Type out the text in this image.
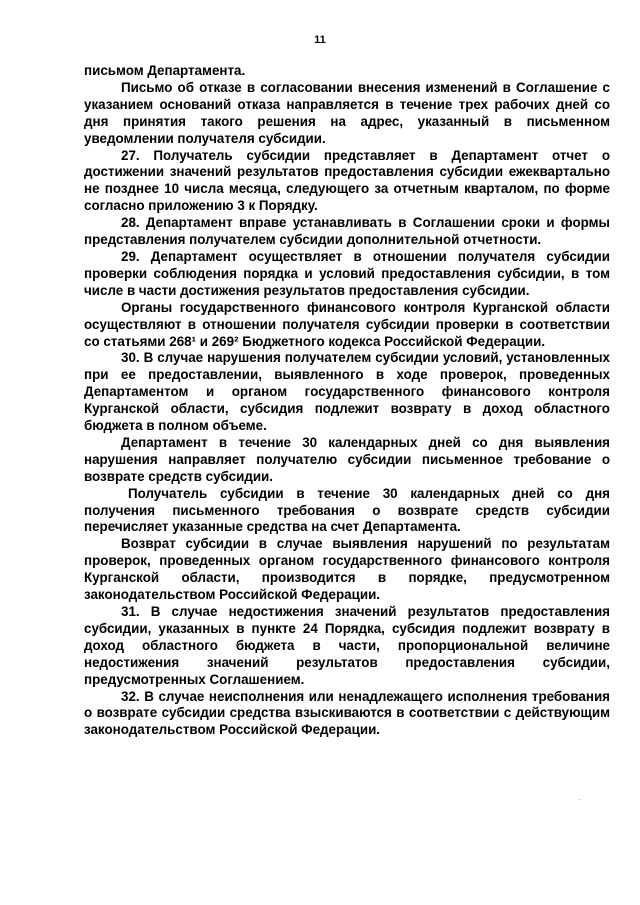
11

письмом Департамента.

Письмо об отказе в согласовании внесения изменений в Соглашение с указанием оснований отказа направляется в течение трех рабочих дней со дня принятия такого решения на адрес, указанный в письменном уведомлении получателя субсидии.

27. Получатель субсидии представляет в Департамент отчет о достижении значений результатов предоставления субсидии ежеквартально не позднее 10 числа месяца, следующего за отчетным кварталом, по форме согласно приложению 3 к Порядку.

28. Департамент вправе устанавливать в Соглашении сроки и формы представления получателем субсидии дополнительной отчетности.

29. Департамент осуществляет в отношении получателя субсидии проверки соблюдения порядка и условий предоставления субсидии, в том числе в части достижения результатов предоставления субсидии.

Органы государственного финансового контроля Курганской области осуществляют в отношении получателя субсидии проверки в соответствии со статьями 268¹ и 269² Бюджетного кодекса Российской Федерации.

30. В случае нарушения получателем субсидии условий, установленных при ее предоставлении, выявленного в ходе проверок, проведенных Департаментом и органом государственного финансового контроля Курганской области, субсидия подлежит возврату в доход областного бюджета в полном объеме.

Департамент в течение 30 календарных дней со дня выявления нарушения направляет получателю субсидии письменное требование о возврате средств субсидии.

Получатель субсидии в течение 30 календарных дней со дня получения письменного требования о возврате средств субсидии перечисляет указанные средства на счет Департамента.

Возврат субсидии в случае выявления нарушений по результатам проверок, проведенных органом государственного финансового контроля Курганской области, производится в порядке, предусмотренном законодательством Российской Федерации.

31. В случае недостижения значений результатов предоставления субсидии, указанных в пункте 24 Порядка, субсидия подлежит возврату в доход областного бюджета в части, пропорциональной величине недостижения значений результатов предоставления субсидии, предусмотренных Соглашением.

32. В случае неисполнения или ненадлежащего исполнения требования о возврате субсидии средства взыскиваются в соответствии с действующим законодательством Российской Федерации.

·
